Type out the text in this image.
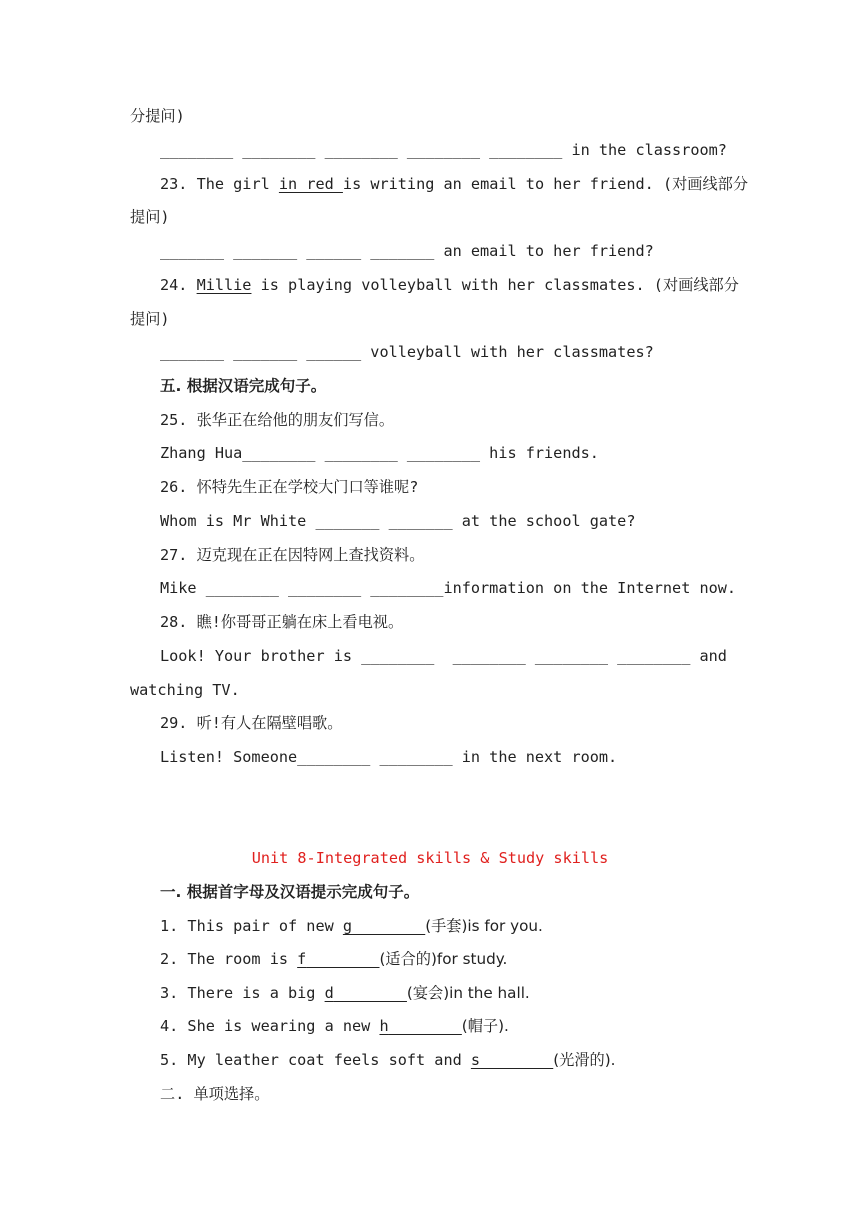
分提问)
________ ________ ________ ________ ________ in the classroom?
23. The girl in red is writing an email to her friend. (对画线部分
提问)
_______ _______ ______ _______ an email to her friend?
24. Millie is playing volleyball with her classmates. (对画线部分
提问)
_______ _______ ______ volleyball with her classmates?
五. 根据汉语完成句子。
25. 张华正在给他的朋友们写信。
Zhang Hua________ ________ ________ his friends.
26. 怀特先生正在学校大门口等谁呢?
Whom is Mr White _______ _______ at the school gate?
27. 迈克现在正在因特网上查找资料。
Mike ________ ________ ________information on the Internet now.
28. 瞧!你哥哥正躺在床上看电视。
Look! Your brother is ________  ________ ________ ________ and
watching TV.
29. 听!有人在隔壁唱歌。
Listen! Someone________ ________ in the next room.
Unit 8-Integrated skills & Study skills
一. 根据首字母及汉语提示完成句子。
1. This pair of new g________(手套)is for you.
2. The room is f________(适合的)for study.
3. There is a big d________(宴会)in the hall.
4. She is wearing a new h________(帽子).
5. My leather coat feels soft and s________(光滑的).
二. 单项选择。
